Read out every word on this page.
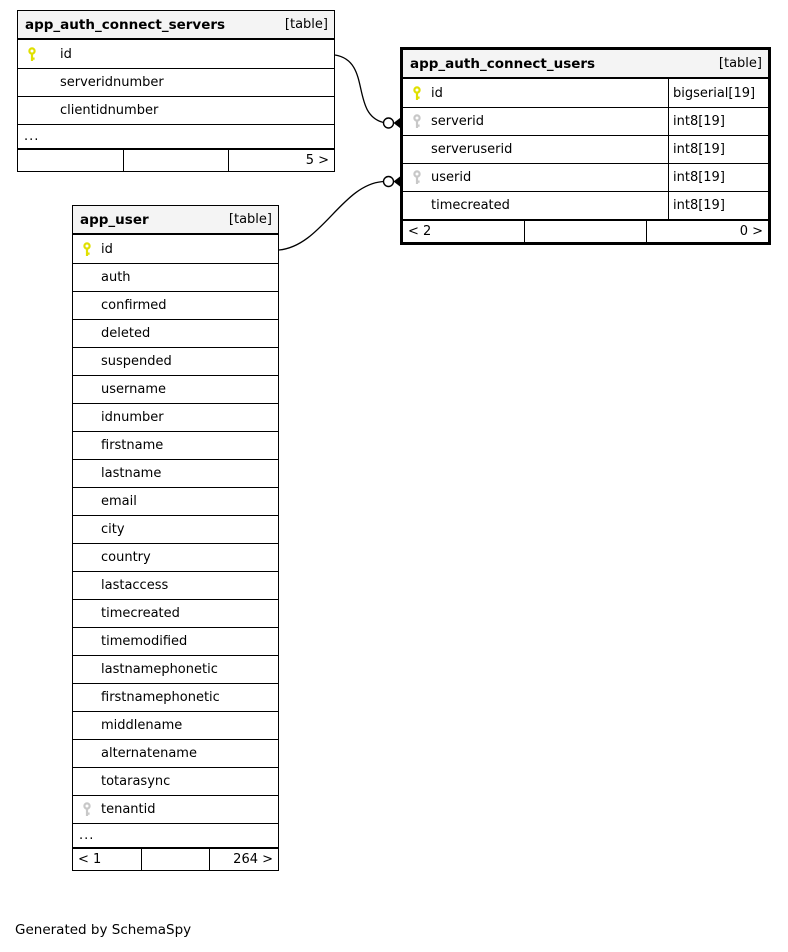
app_auth_connect_servers	[table]
id
serveridnumber
clientidnumber
...
5 >
app_auth_connect_users	[table]
id	bigserial[19]
serverid	int8[19]
serveruserid	int8[19]
userid	int8[19]
timecreated	int8[19]
< 2	0 >
app_user	[table]
id
auth
confirmed
deleted
suspended
username
idnumber
firstname
lastname
email
city
country
lastaccess
timecreated
timemodified
lastnamephonetic
firstnamephonetic
middlename
alternatename
totarasync
tenantid
...
< 1	264 >
Generated by SchemaSpy
